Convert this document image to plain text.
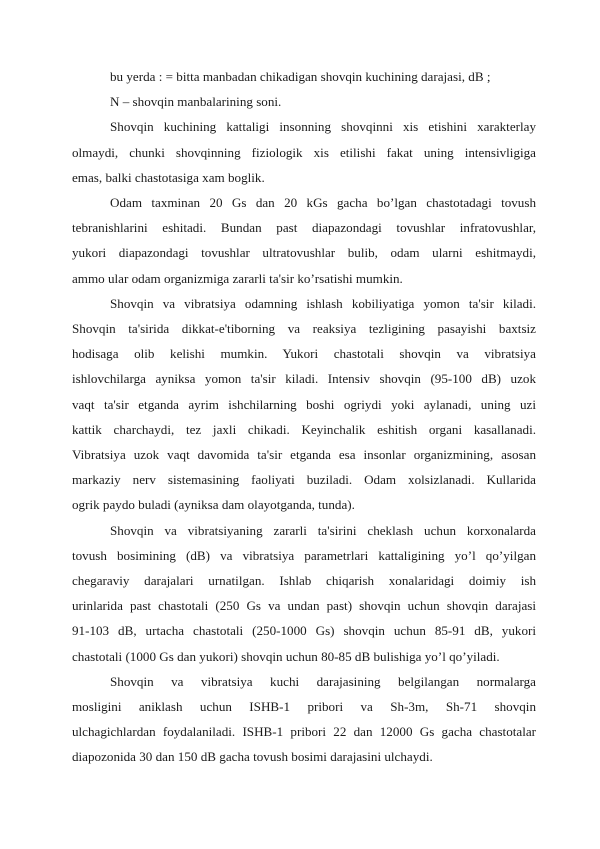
bu yerda : = bitta manbadan chikadigan shovqin kuchining darajasi, dB ;
N – shovqin manbalarining soni.
Shovqin kuchining kattaligi insonning shovqinni xis etishini xarakterlay
olmaydi, chunki shovqinning fiziologik xis etilishi fakat uning intensivligiga
emas, balki chastotasiga xam boglik.
Odam taxminan 20 Gs dan 20 kGs gacha bo’lgan chastotadagi tovush
tebranishlarini eshitadi. Bundan past diapazondagi tovushlar infratovushlar,
yukori diapazondagi tovushlar ultratovushlar bulib, odam ularni eshitmaydi,
ammo ular odam organizmiga zararli ta'sir ko’rsatishi mumkin.
Shovqin va vibratsiya odamning ishlash kobiliyatiga yomon ta'sir kiladi.
Shovqin ta'sirida dikkat-e'tiborning va reaksiya tezligining pasayishi baxtsiz
hodisaga olib kelishi mumkin. Yukori chastotali shovqin va vibratsiya
ishlovchilarga ayniksa yomon ta'sir kiladi. Intensiv shovqin (95-100 dB) uzok
vaqt ta'sir etganda ayrim ishchilarning boshi ogriydi yoki aylanadi, uning uzi
kattik charchaydi, tez jaxli chikadi. Keyinchalik eshitish organi kasallanadi.
Vibratsiya uzok vaqt davomida ta'sir etganda esa insonlar organizmining, asosan
markaziy nerv sistemasining faoliyati buziladi. Odam xolsizlanadi. Kullarida
ogrik paydo buladi (ayniksa dam olayotganda, tunda).
Shovqin va vibratsiyaning zararli ta'sirini cheklash uchun korxonalarda
tovush bosimining (dB) va vibratsiya parametrlari kattaligining yo’l qo’yilgan
chegaraviy darajalari urnatilgan. Ishlab chiqarish xonalaridagi doimiy ish
urinlarida past chastotali (250 Gs va undan past) shovqin uchun shovqin darajasi
91-103 dB, urtacha chastotali (250-1000 Gs) shovqin uchun 85-91 dB, yukori
chastotali (1000 Gs dan yukori) shovqin uchun 80-85 dB bulishiga yo’l qo’yiladi.
Shovqin va vibratsiya kuchi darajasining belgilangan normalarga
mosligini aniklash uchun ISHB-1 pribori va Sh-3m, Sh-71 shovqin
ulchagichlardan foydalaniladi. ISHB-1 pribori 22 dan 12000 Gs gacha chastotalar
diapozonida 30 dan 150 dB gacha tovush bosimi darajasini ulchaydi.
